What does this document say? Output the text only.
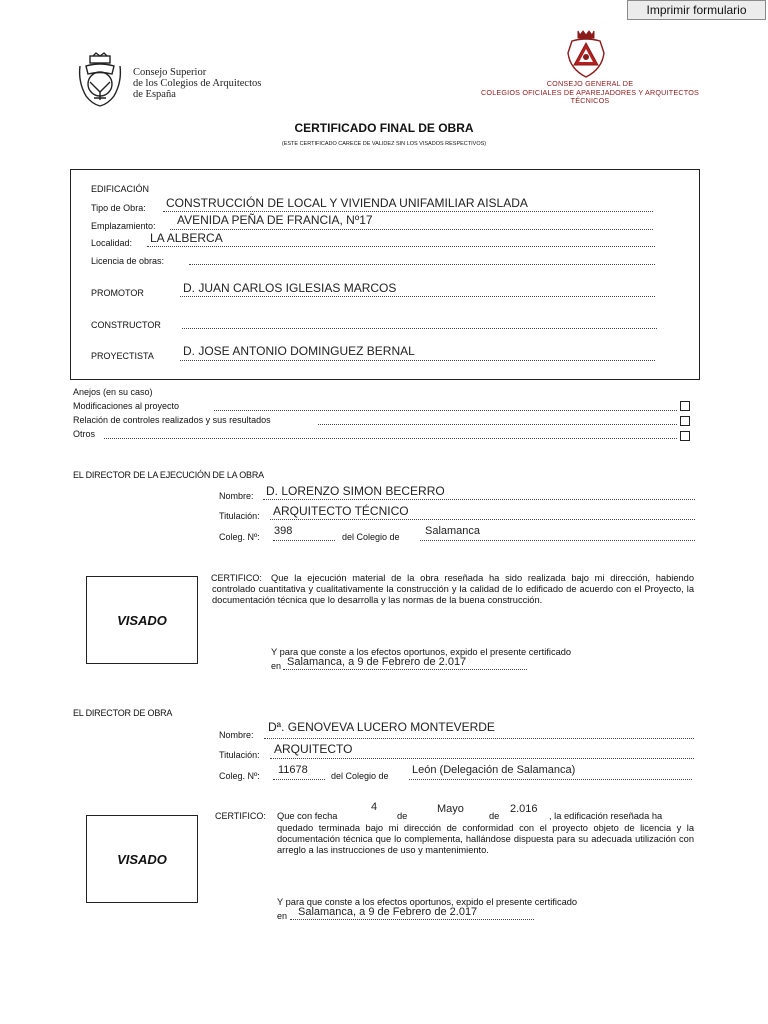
Imprimir formulario
Consejo Superior
de los Colegios de Arquitectos
de España
CONSEJO GENERAL DE
COLEGIOS OFICIALES DE APAREJADORES Y ARQUITECTOS
TÉCNICOS
CERTIFICADO FINAL DE OBRA
(ESTE CERTIFICADO CARECE DE VALIDEZ SIN LOS VISADOS RESPECTIVOS)
EDIFICACIÓN
Tipo de Obra: CONSTRUCCIÓN DE LOCAL Y VIVIENDA UNIFAMILIAR AISLADA
Emplazamiento: AVENIDA PEÑA DE FRANCIA, Nº17
Localidad: LA ALBERCA
Licencia de obras:
PROMOTOR	D. JUAN CARLOS IGLESIAS MARCOS
CONSTRUCTOR
PROYECTISTA D. JOSE ANTONIO DOMINGUEZ BERNAL
Anejos (en su caso)
Modificaciones al proyecto
Relación de controles realizados y sus resultados
Otros
EL DIRECTOR DE LA EJECUCIÓN DE LA OBRA
Nombre: D. LORENZO SIMON BECERRO
Titulación: ARQUITECTO TÉCNICO
Coleg. Nº: 398	del Colegio de Salamanca
VISADO
CERTIFICO: Que la ejecución material de la obra reseñada ha sido realizada bajo mi dirección, habiendo controlado cuantitativa y cualitativamente la construcción y la calidad de lo edificado de acuerdo con el Proyecto, la documentación técnica que lo desarrolla y las normas de la buena construcción.
Y para que conste a los efectos oportunos, expido el presente certificado
en Salamanca, a 9 de Febrero de 2.017
EL DIRECTOR DE OBRA
Nombre:
Dª. GENOVEVA LUCERO MONTEVERDE
Titulación: ARQUITECTO
Coleg. Nº: 11678	del Colegio de León (Delegación de Salamanca)
VISADO
CERTIFICO: Que con fecha
4
de
Mayo
de
2.016
, la edificación reseñada ha
quedado terminada bajo mi dirección de conformidad con el proyecto objeto de licencia y la documentación técnica que lo complementa, hallándose dispuesta para su adecuada utilización con arreglo a las instrucciones de uso y mantenimiento.
Y para que conste a los efectos oportunos, expido el presente certificado
en Salamanca, a 9 de Febrero de 2.017
